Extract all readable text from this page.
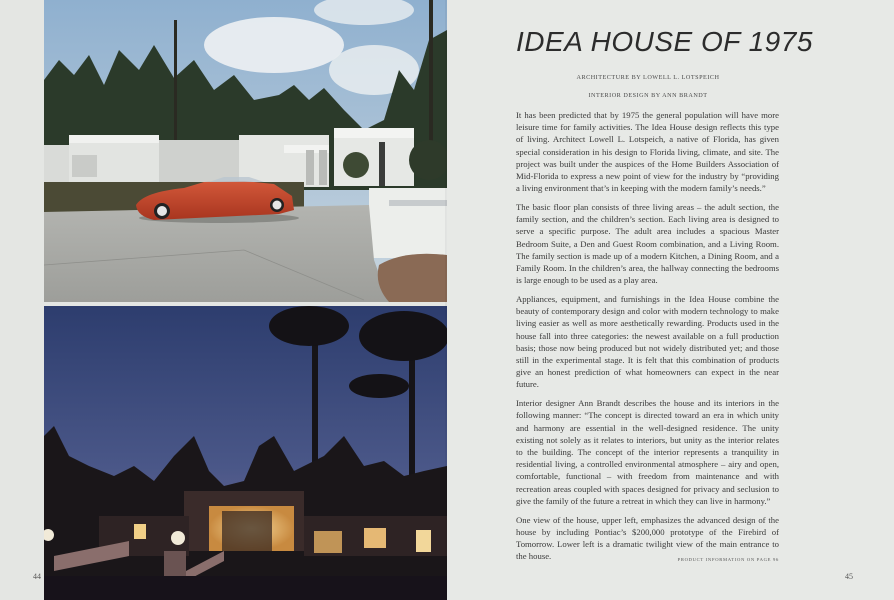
44
IDEA HOUSE OF 1975
ARCHITECTURE BY LOWELL L. LOTSPEICH
INTERIOR DESIGN BY ANN BRANDT

It has been predicted that by 1975 the general population will have more leisure time for family activities. The Idea House design reflects this type of living. Architect Lowell L. Lotspeich, a native of Florida, has given special consideration in his design to Florida living, climate, and site. The project was built under the auspices of the Home Builders Association of Mid-Florida to express a new point of view for the industry by “providing a living environment that’s in keeping with the modern family’s needs.”

The basic floor plan consists of three living areas – the adult section, the family section, and the children’s section. Each living area is designed to serve a specific purpose. The adult area includes a spacious Master Bedroom Suite, a Den and Guest Room combination, and a Living Room. The family section is made up of a modern Kitchen, a Dining Room, and a Family Room. In the children’s area, the hallway connecting the bedrooms is large enough to be used as a play area.

Appliances, equipment, and furnishings in the Idea House combine the beauty of contemporary design and color with modern technology to make living easier as well as more aesthetically rewarding. Products used in the house fall into three categories: the newest available on a full production basis; those now being produced but not widely distributed yet; and those still in the experimental stage. It is felt that this combination of products give an honest prediction of what homeowners can expect in the near future.

Interior designer Ann Brandt describes the house and its interiors in the following manner: “The concept is directed toward an era in which unity and harmony are essential in the well-designed residence. The unity existing not solely as it relates to interiors, but unity as the interior relates to the building. The concept of the interior represents a tranquility in residential living, a controlled environmental atmosphere – airy and open, comfortable, functional – with freedom from maintenance and with recreation areas coupled with spaces designed for privacy and seclusion to give the family of the future a retreat in which they can live in harmony.”

One view of the house, upper left, emphasizes the advanced design of the house by including Pontiac’s $200,000 prototype of the Firebird of Tomorrow. Lower left is a dramatic twilight view of the main entrance to the house.	PRODUCT INFORMATION ON PAGE 96

45
